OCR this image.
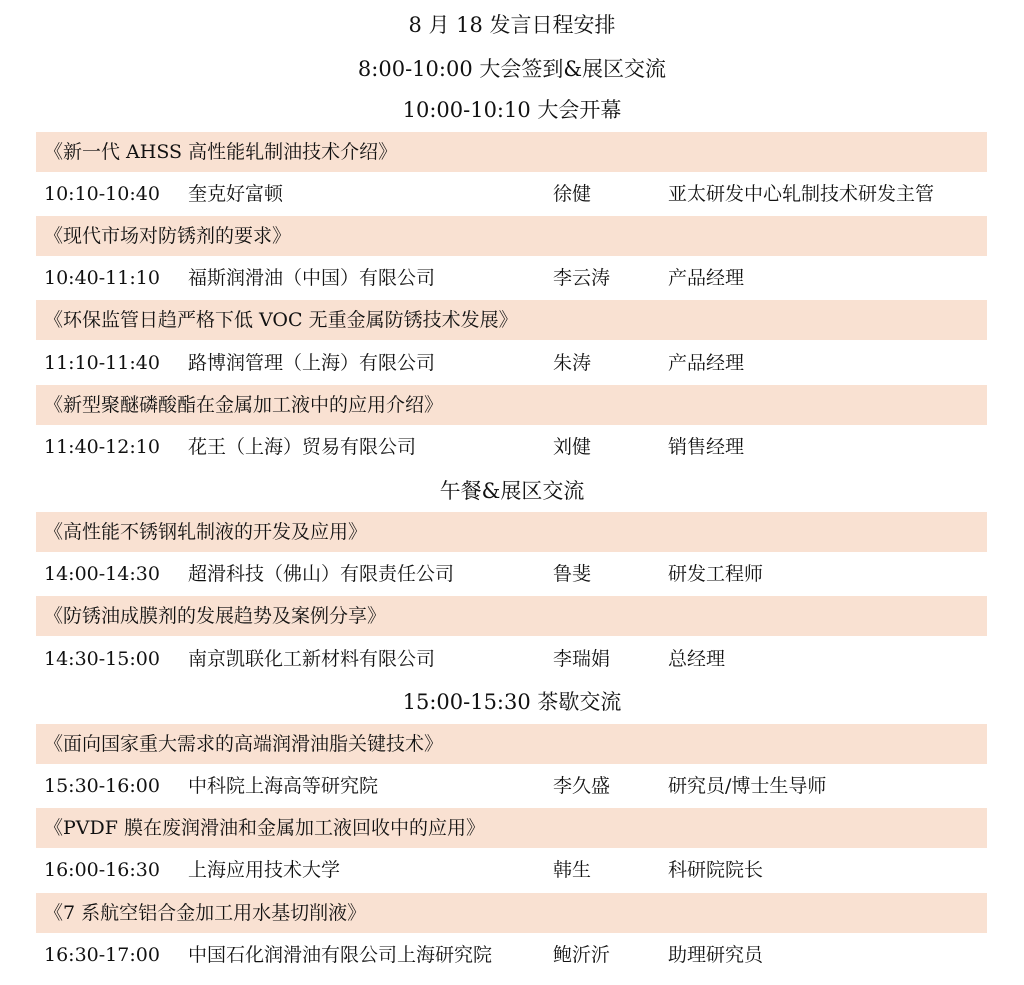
8 月 18 发言日程安排
8:00-10:00 大会签到&展区交流
10:00-10:10 大会开幕
《新一代 AHSS 高性能轧制油技术介绍》
10:10-10:40 奎克好富顿	徐健	亚太研发中心轧制技术研发主管
《现代市场对防锈剂的要求》
10:40-11:10 福斯润滑油（中国）有限公司	李云涛	产品经理
《环保监管日趋严格下低 VOC 无重金属防锈技术发展》
11:10-11:40 路博润管理（上海）有限公司	朱涛	产品经理
《新型聚醚磷酸酯在金属加工液中的应用介绍》
11:40-12:10 花王（上海）贸易有限公司	刘健	销售经理
午餐&展区交流
《高性能不锈钢轧制液的开发及应用》
14:00-14:30 超滑科技（佛山）有限责任公司	鲁斐	研发工程师
《防锈油成膜剂的发展趋势及案例分享》
14:30-15:00 南京凯联化工新材料有限公司	李瑞娟	总经理
15:00-15:30 茶歇交流
《面向国家重大需求的高端润滑油脂关键技术》
15:30-16:00 中科院上海高等研究院	李久盛	研究员/博士生导师
《PVDF 膜在废润滑油和金属加工液回收中的应用》
16:00-16:30 上海应用技术大学	韩生	科研院院长
《7 系航空铝合金加工用水基切削液》
16:30-17:00 中国石化润滑油有限公司上海研究院	鲍沂沂	助理研究员
